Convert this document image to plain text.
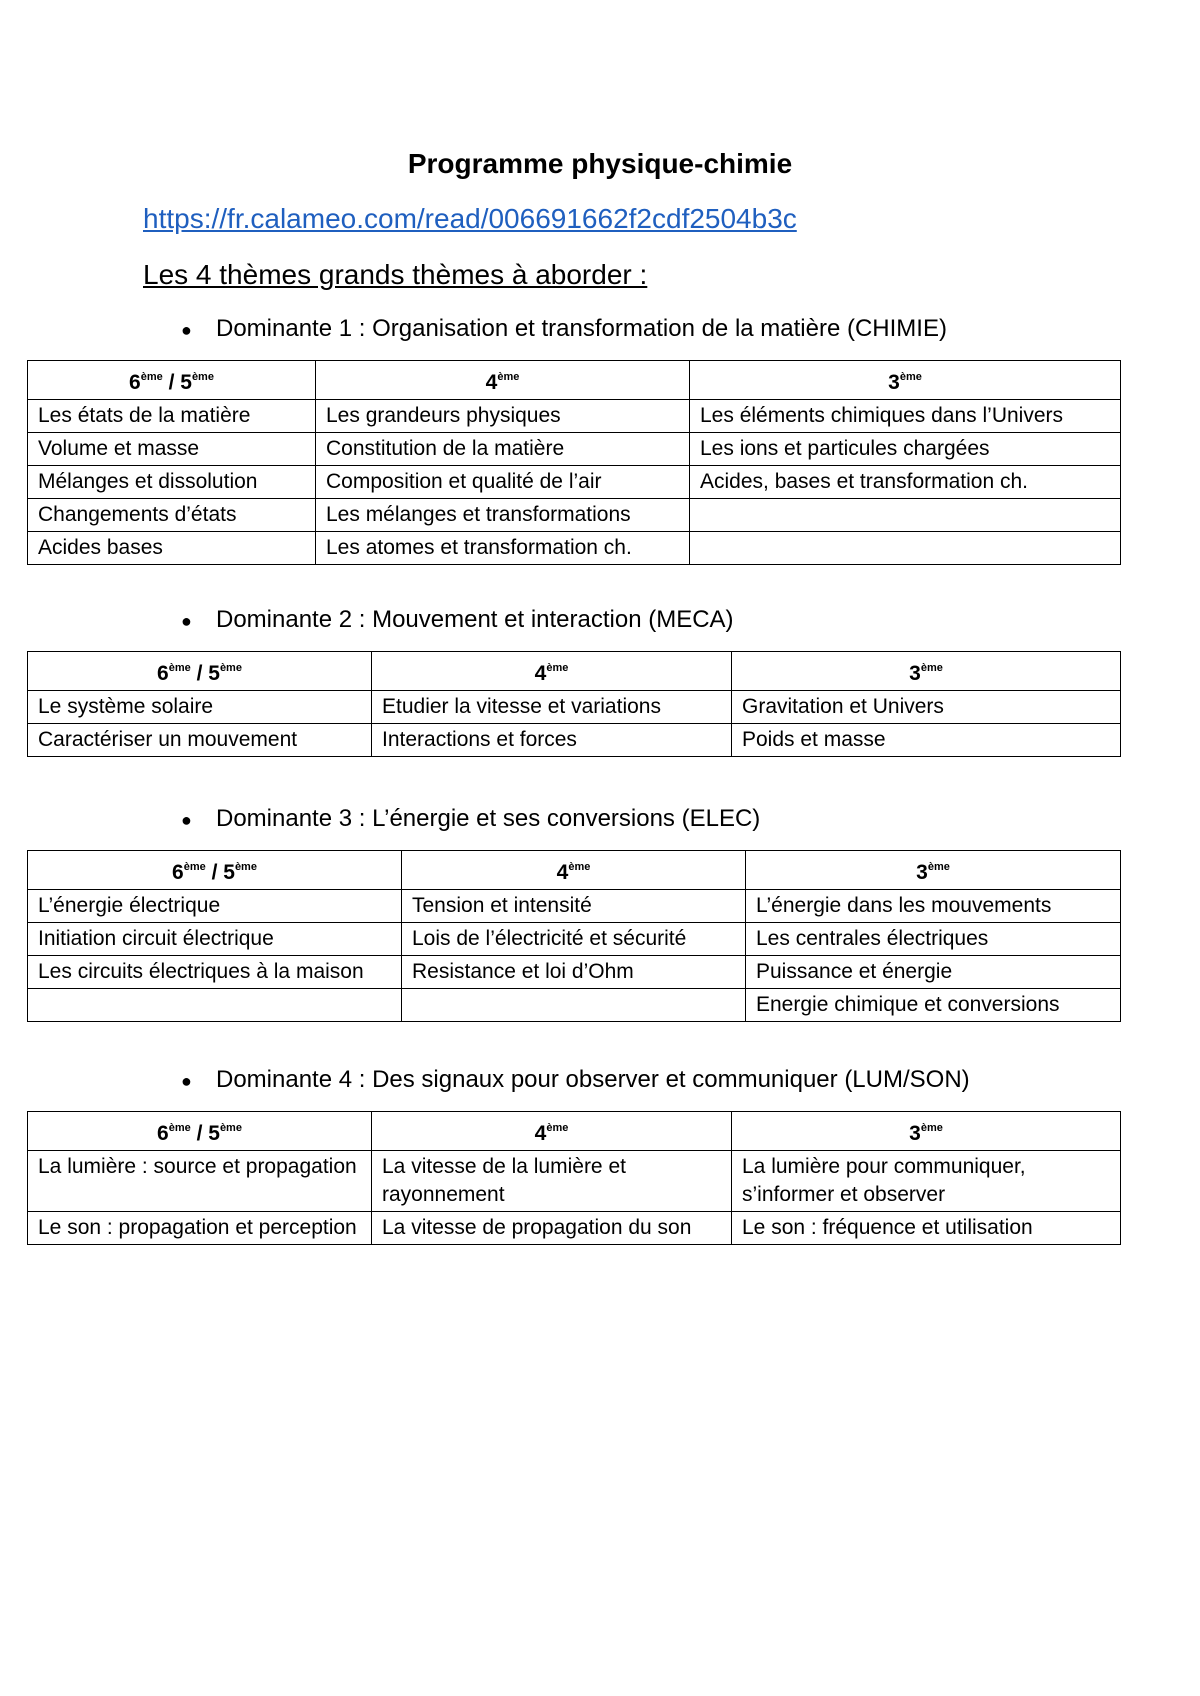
Programme physique-chimie
https://fr.calameo.com/read/006691662f2cdf2504b3c
Les 4 thèmes grands thèmes à aborder :
● Dominante 1 : Organisation et transformation de la matière (CHIMIE)
6ème / 5ème	4ème	3ème
Les états de la matière	Les grandeurs physiques	Les éléments chimiques dans l’Univers
Volume et masse	Constitution de la matière	Les ions et particules chargées
Mélanges et dissolution	Composition et qualité de l’air	Acides, bases et transformation ch.
Changements d’états	Les mélanges et transformations	
Acides bases	Les atomes et transformation ch.	
● Dominante 2 : Mouvement et interaction (MECA)
6ème / 5ème	4ème	3ème
Le système solaire	Etudier la vitesse et variations	Gravitation et Univers
Caractériser un mouvement	Interactions et forces	Poids et masse
● Dominante 3 : L’énergie et ses conversions (ELEC)
6ème / 5ème	4ème	3ème
L’énergie électrique	Tension et intensité	L’énergie dans les mouvements
Initiation circuit électrique	Lois de l’électricité et sécurité	Les centrales électriques
Les circuits électriques à la maison	Resistance et loi d’Ohm	Puissance et énergie
		Energie chimique et conversions
● Dominante 4 : Des signaux pour observer et communiquer (LUM/SON)
6ème / 5ème	4ème	3ème
La lumière : source et propagation	La vitesse de la lumière et rayonnement	La lumière pour communiquer, s’informer et observer
Le son : propagation et perception	La vitesse de propagation du son	Le son : fréquence et utilisation
